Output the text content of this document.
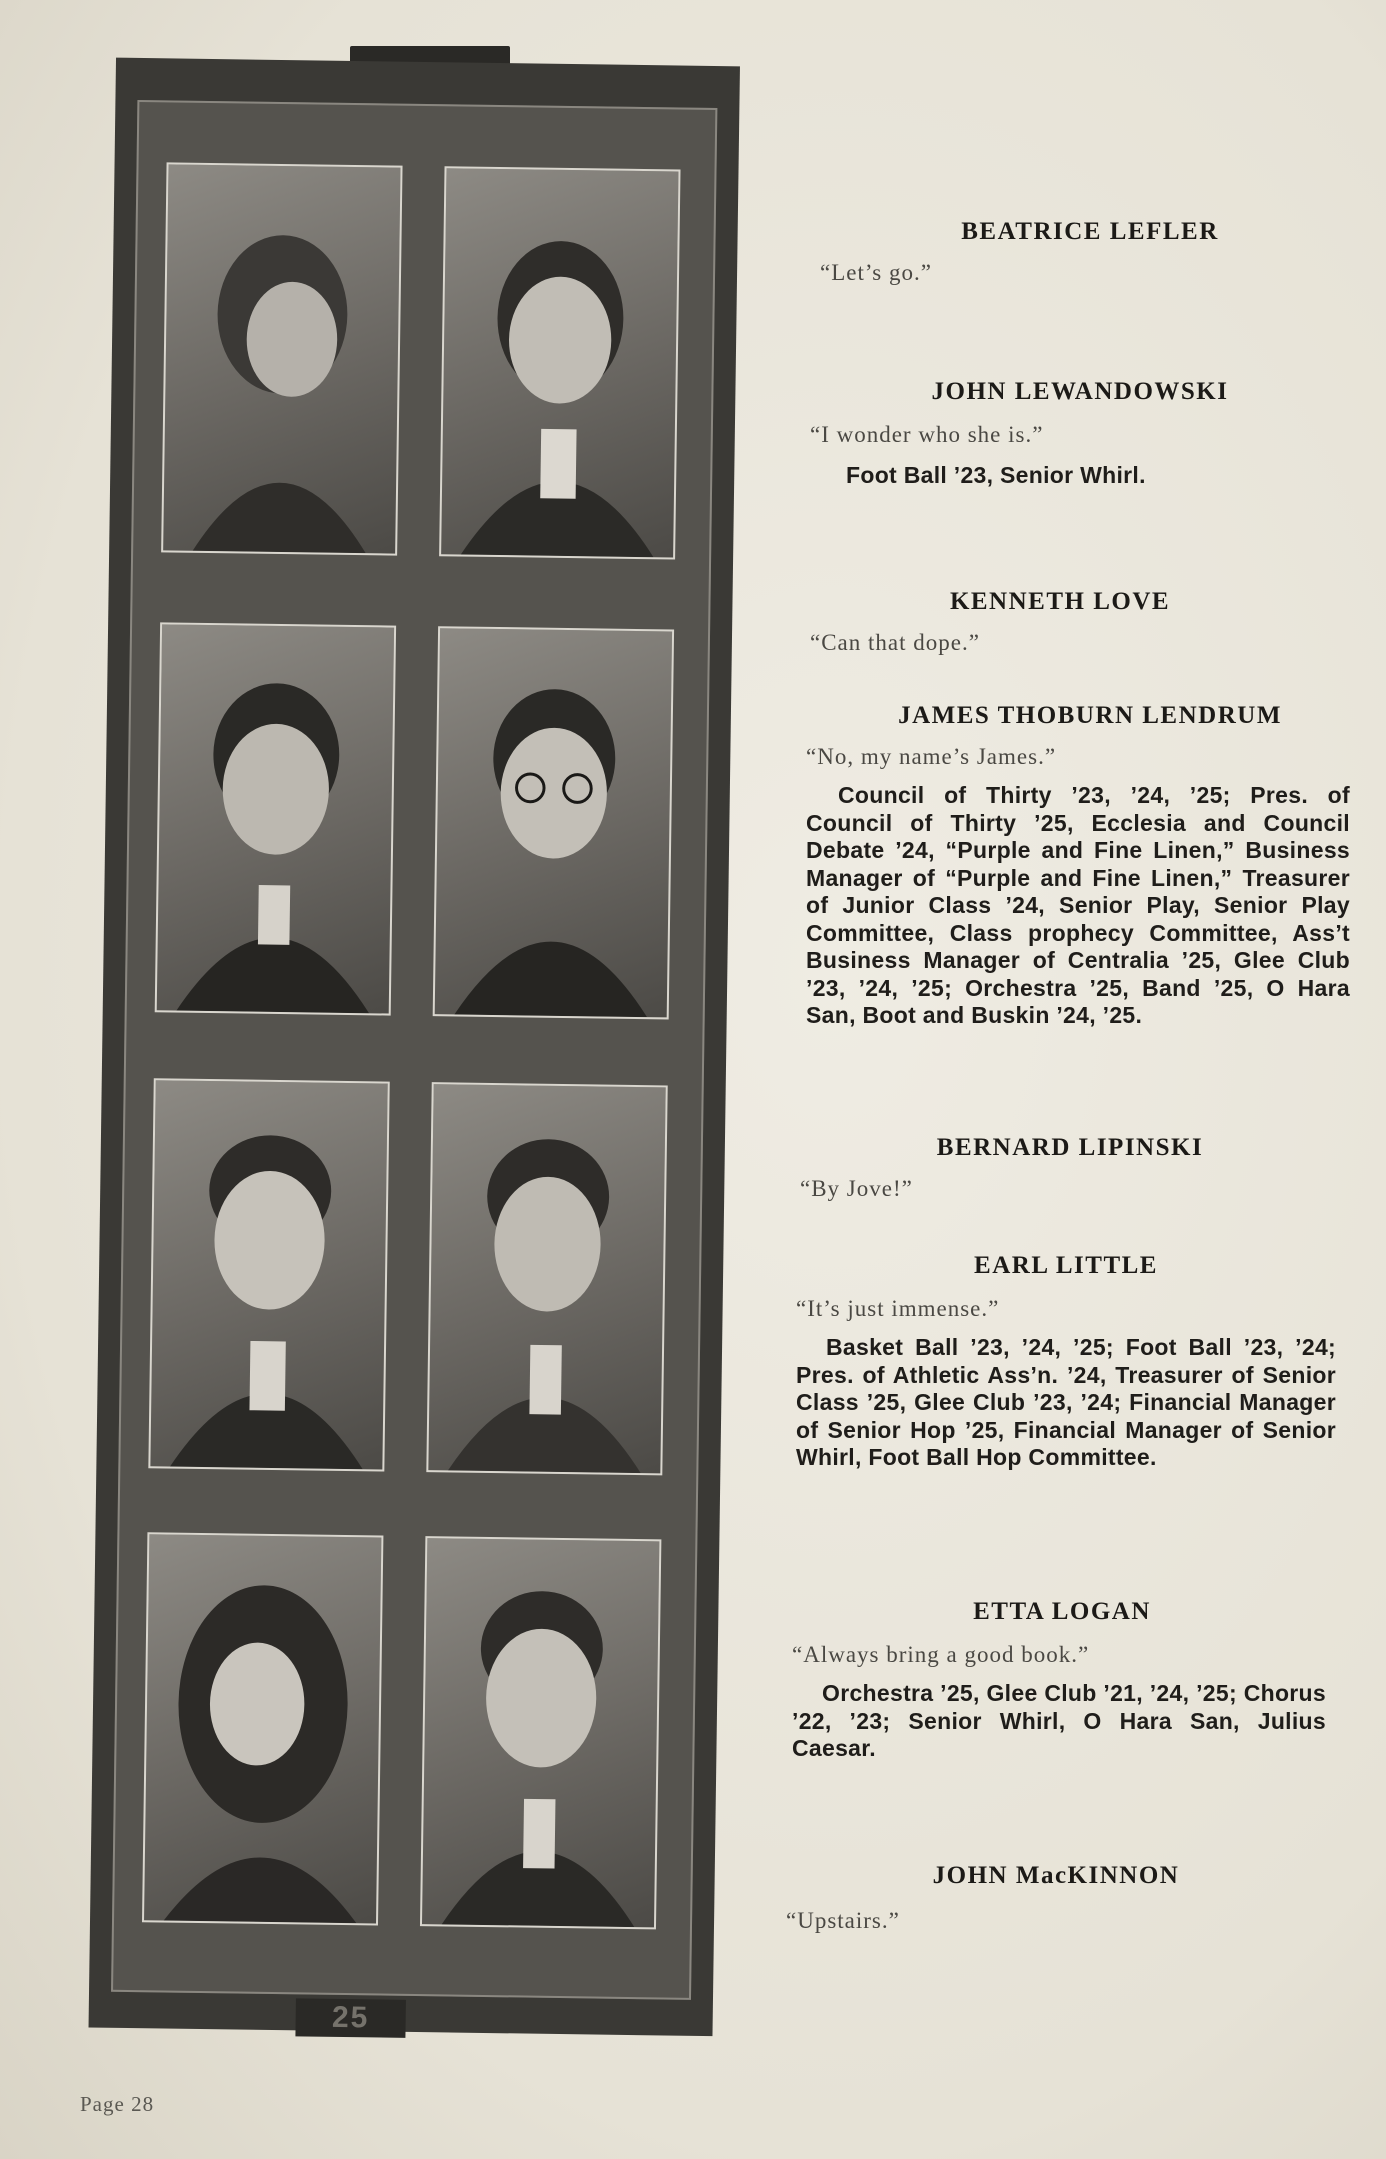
25
BEATRICE LEFLER
“Let’s go.”
JOHN LEWANDOWSKI
“I wonder who she is.”
Foot Ball ’23, Senior Whirl.
KENNETH LOVE
“Can that dope.”
JAMES THOBURN LENDRUM
“No, my name’s James.”
Council of Thirty ’23, ’24, ’25; Pres. of Council of Thirty ’25, Ecclesia and Council Debate ’24, “Purple and Fine Linen,” Business Manager of “Purple and Fine Linen,” Treasurer of Junior Class ’24, Senior Play, Senior Play Committee, Class prophecy Committee, Ass’t Business Manager of Centralia ’25, Glee Club ’23, ’24, ’25; Orchestra ’25, Band ’25, O Hara San, Boot and Buskin ’24, ’25.
BERNARD LIPINSKI
“By Jove!”
EARL LITTLE
“It’s just immense.”
Basket Ball ’23, ’24, ’25; Foot Ball ’23, ’24; Pres. of Athletic Ass’n. ’24, Treasurer of Senior Class ’25, Glee Club ’23, ’24; Financial Manager of Senior Hop ’25, Financial Manager of Senior Whirl, Foot Ball Hop Committee.
ETTA LOGAN
“Always bring a good book.”
Orchestra ’25, Glee Club ’21, ’24, ’25; Chorus ’22, ’23; Senior Whirl, O Hara San, Julius Caesar.
JOHN MacKINNON
“Upstairs.”
Page 28
